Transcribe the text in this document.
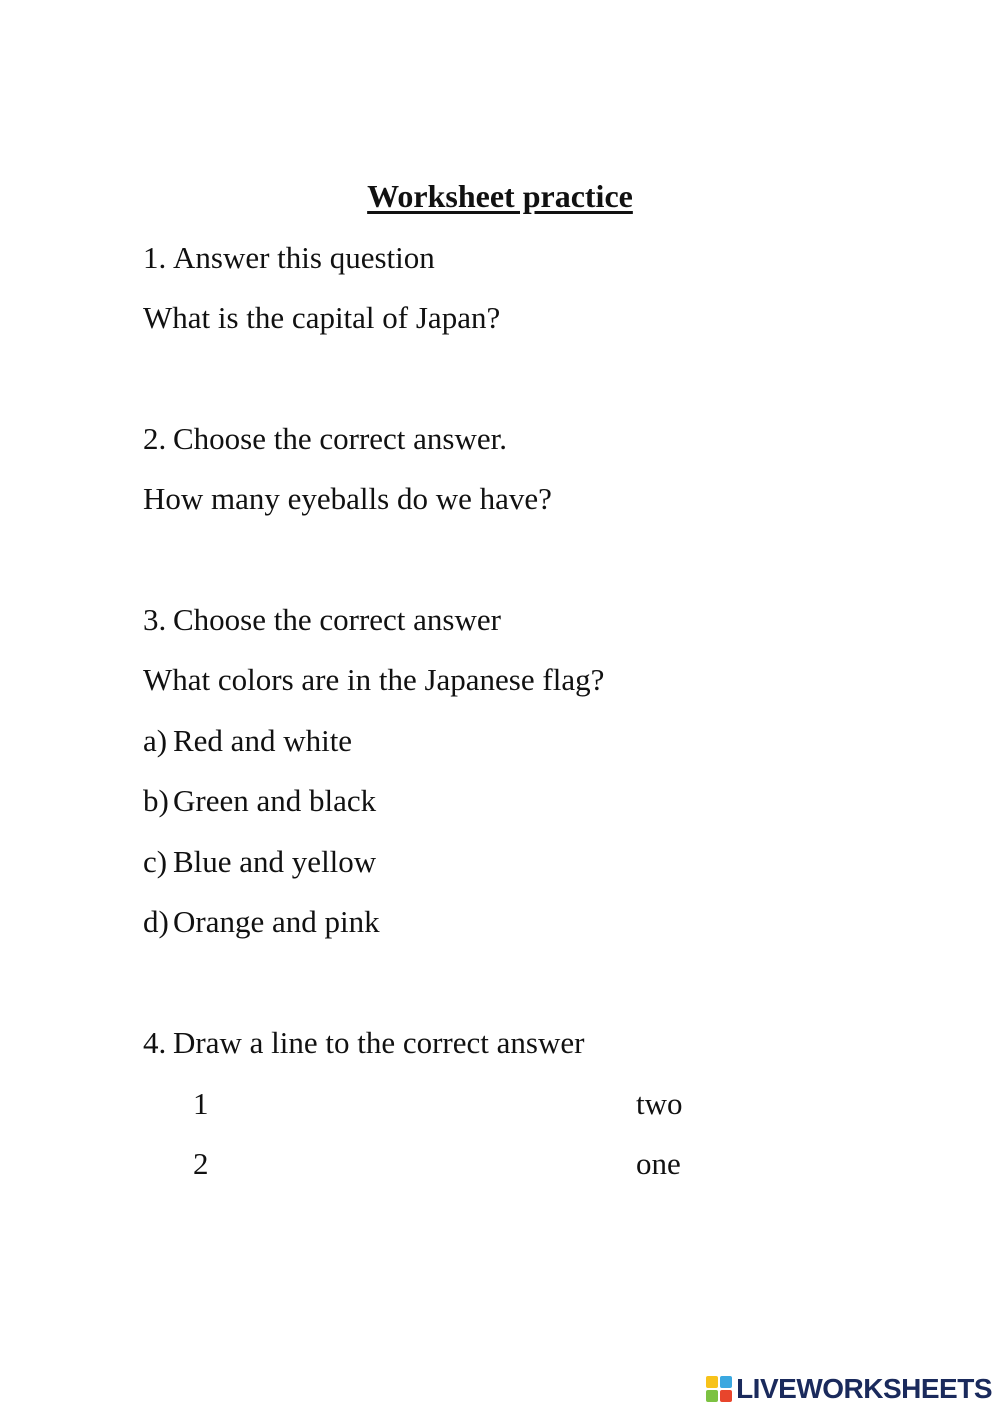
Worksheet practice

1. Answer this question

What is the capital of Japan?

2. Choose the correct answer.

How many eyeballs do we have?

3. Choose the correct answer

What colors are in the Japanese flag?

a) Red and white

b) Green and black

c) Blue and yellow

d) Orange and pink

4. Draw a line to the correct answer

1
2
two
one
LIVEWORKSHEETS
